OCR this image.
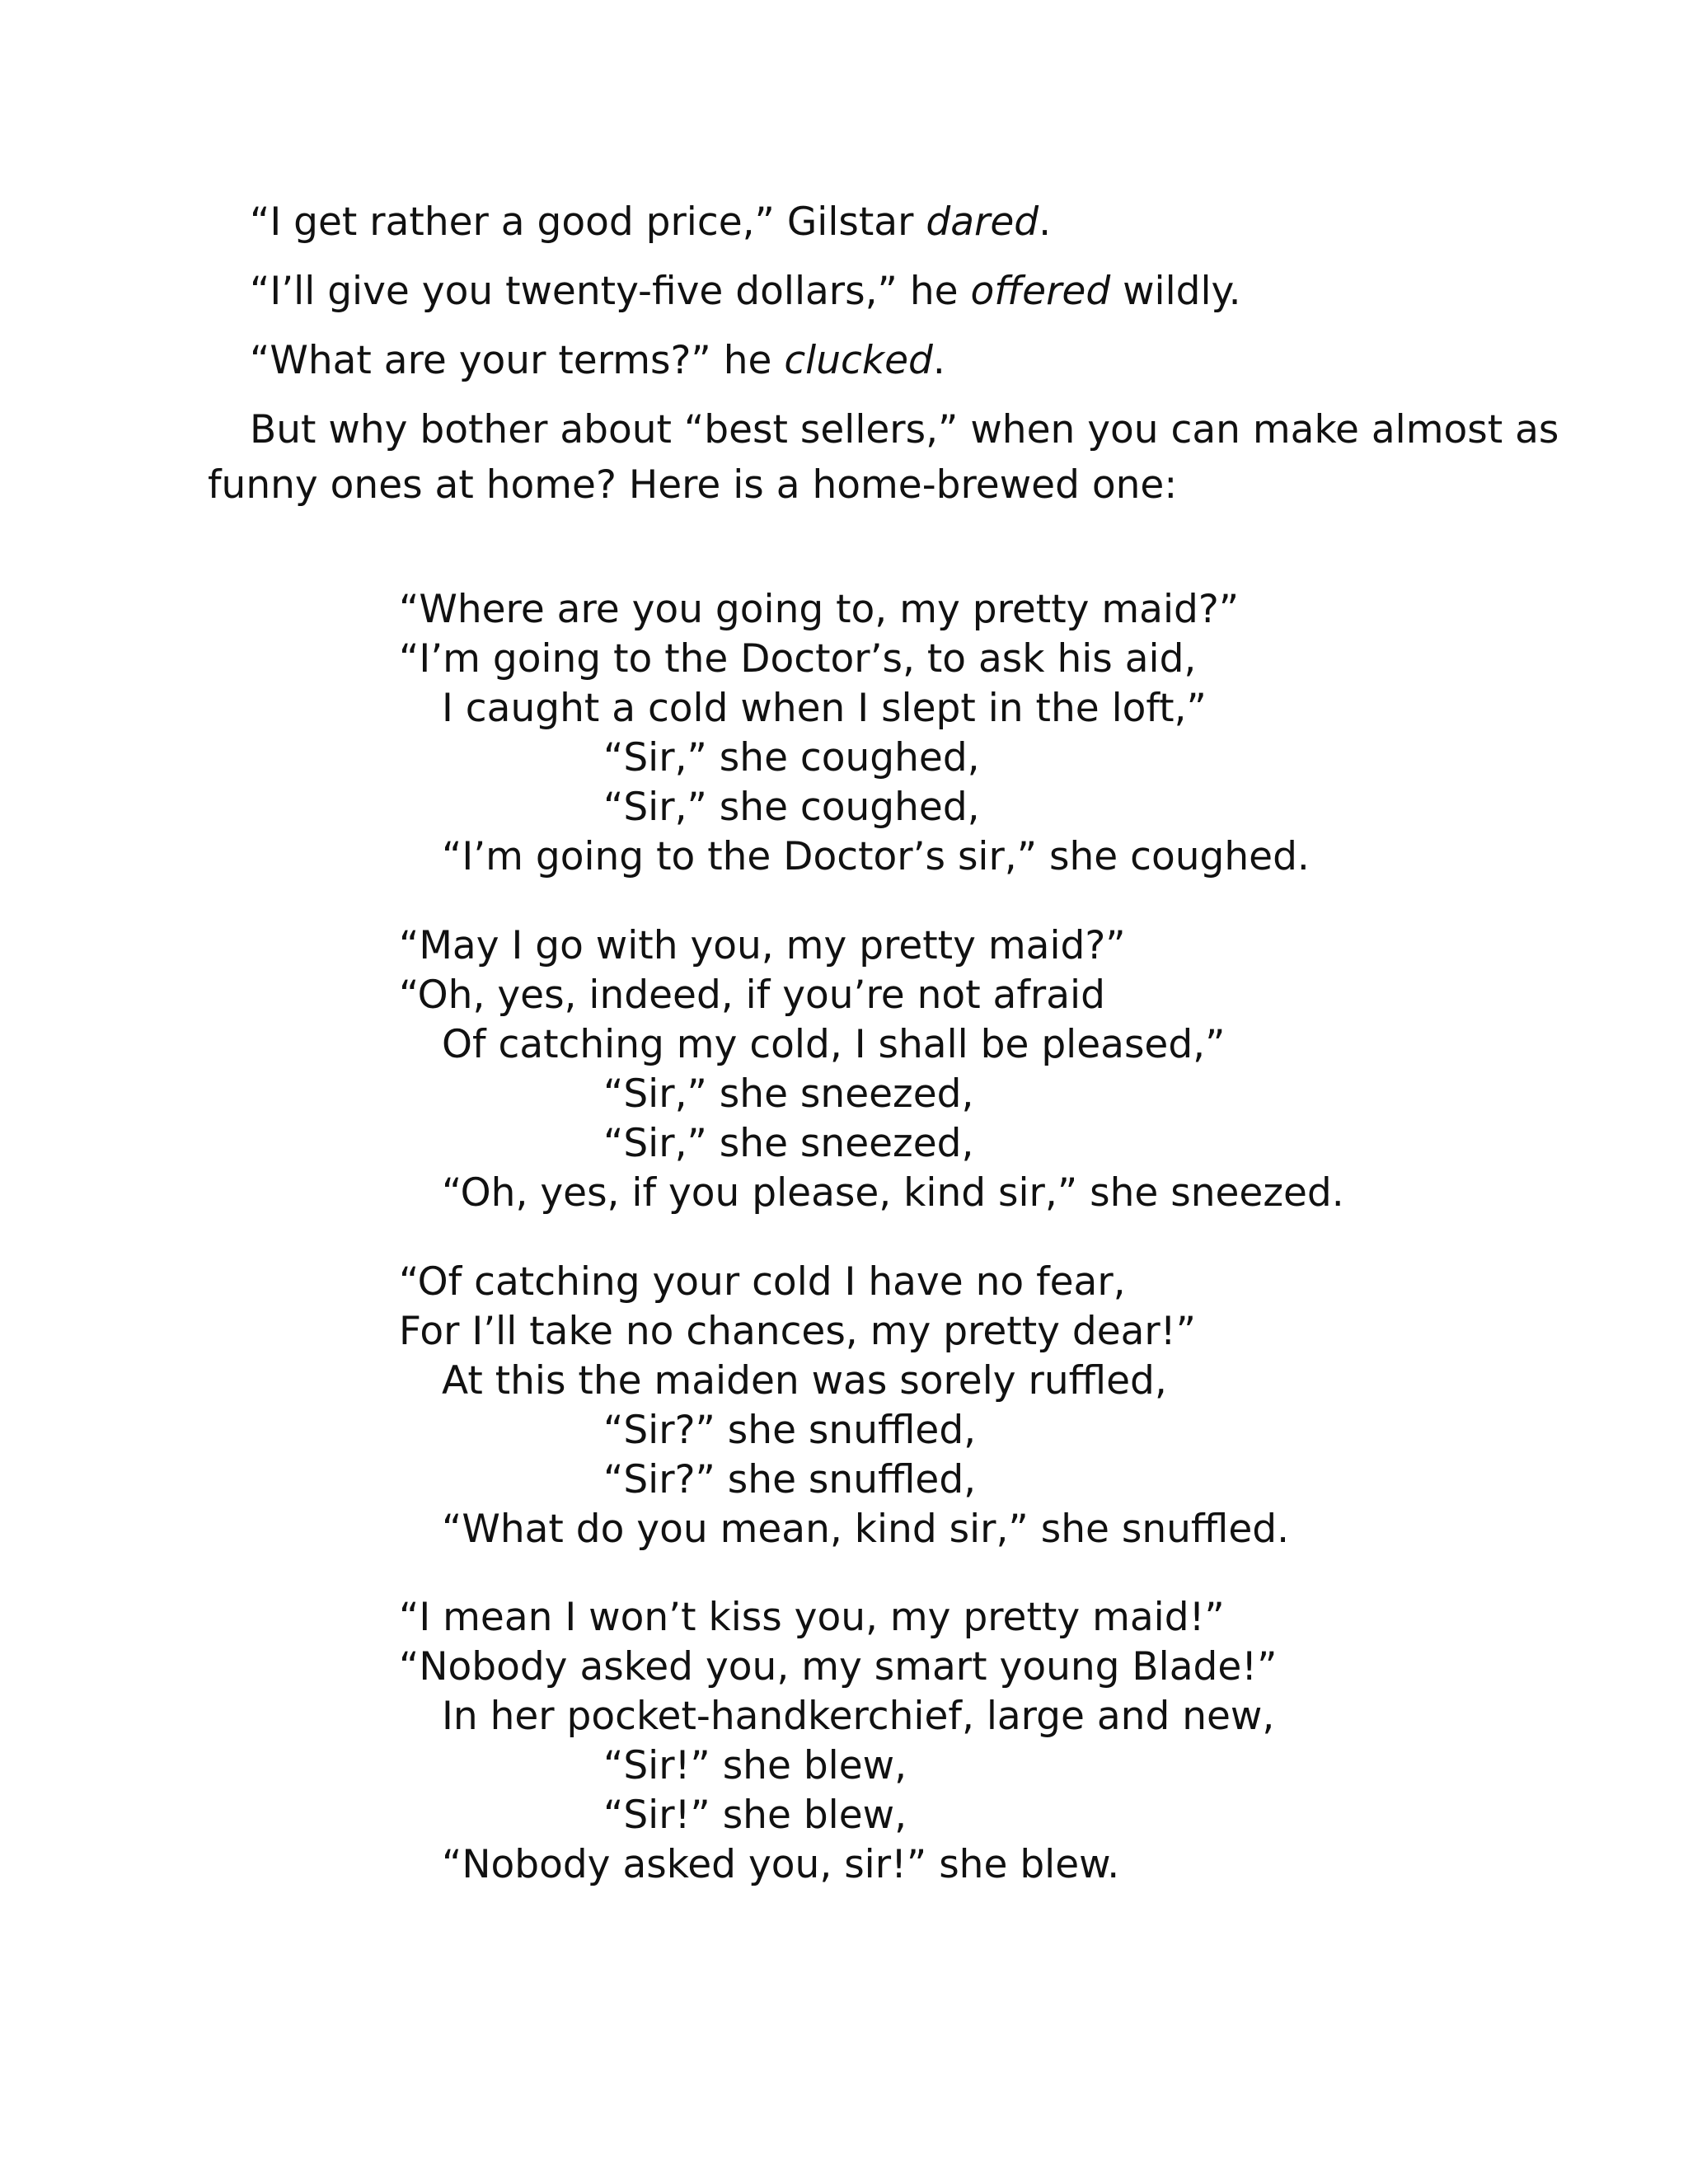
“I get rather a good price,” Gilstar dared.

“I’ll give you twenty-five dollars,” he offered wildly.

“What are your terms?” he clucked.

But why bother about “best sellers,” when you can make almost as
funny ones at home? Here is a home-brewed one:

“Where are you going to, my pretty maid?”
“I’m going to the Doctor’s, to ask his aid,
I caught a cold when I slept in the loft,”
“Sir,” she coughed,
“Sir,” she coughed,
“I’m going to the Doctor’s sir,” she coughed.
“May I go with you, my pretty maid?”
“Oh, yes, indeed, if you’re not afraid
Of catching my cold, I shall be pleased,”
“Sir,” she sneezed,
“Sir,” she sneezed,
“Oh, yes, if you please, kind sir,” she sneezed.
“Of catching your cold I have no fear,
For I’ll take no chances, my pretty dear!”
At this the maiden was sorely ruffled,
“Sir?” she snuffled,
“Sir?” she snuffled,
“What do you mean, kind sir,” she snuffled.
“I mean I won’t kiss you, my pretty maid!”
“Nobody asked you, my smart young Blade!”
In her pocket-handkerchief, large and new,
“Sir!” she blew,
“Sir!” she blew,
“Nobody asked you, sir!” she blew.
